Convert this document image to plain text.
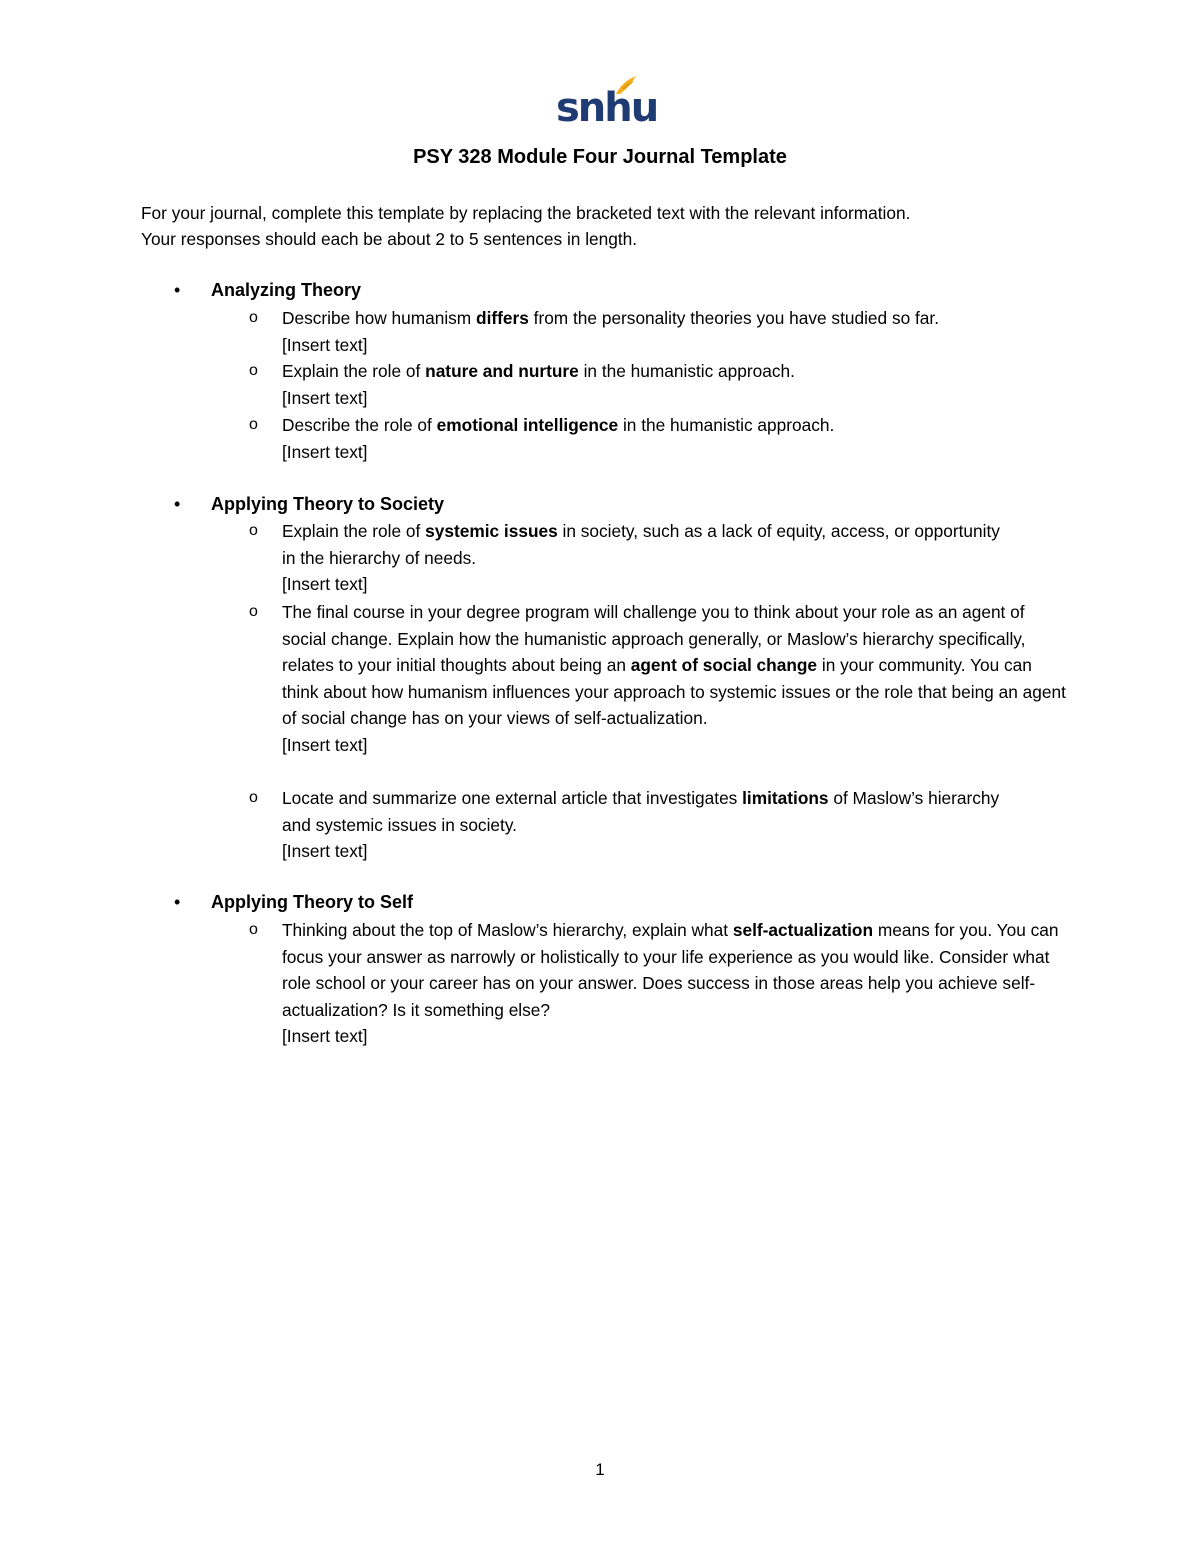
snhu
PSY 328 Module Four Journal Template
For your journal, complete this template by replacing the bracketed text with the relevant information.
Your responses should each be about 2 to 5 sentences in length.
• Analyzing Theory
o Describe how humanism differs from the personality theories you have studied so far.
[Insert text]
o Explain the role of nature and nurture in the humanistic approach.
[Insert text]
o Describe the role of emotional intelligence in the humanistic approach.
[Insert text]
• Applying Theory to Society
o Explain the role of systemic issues in society, such as a lack of equity, access, or opportunity in the hierarchy of needs.
[Insert text]
o The final course in your degree program will challenge you to think about your role as an agent of social change. Explain how the humanistic approach generally, or Maslow’s hierarchy specifically, relates to your initial thoughts about being an agent of social change in your community. You can think about how humanism influences your approach to systemic issues or the role that being an agent of social change has on your views of self-actualization.
[Insert text]
o Locate and summarize one external article that investigates limitations of Maslow’s hierarchy and systemic issues in society.
[Insert text]
• Applying Theory to Self
o Thinking about the top of Maslow’s hierarchy, explain what self-actualization means for you. You can focus your answer as narrowly or holistically to your life experience as you would like. Consider what role school or your career has on your answer. Does success in those areas help you achieve self-actualization? Is it something else?
[Insert text]
1
